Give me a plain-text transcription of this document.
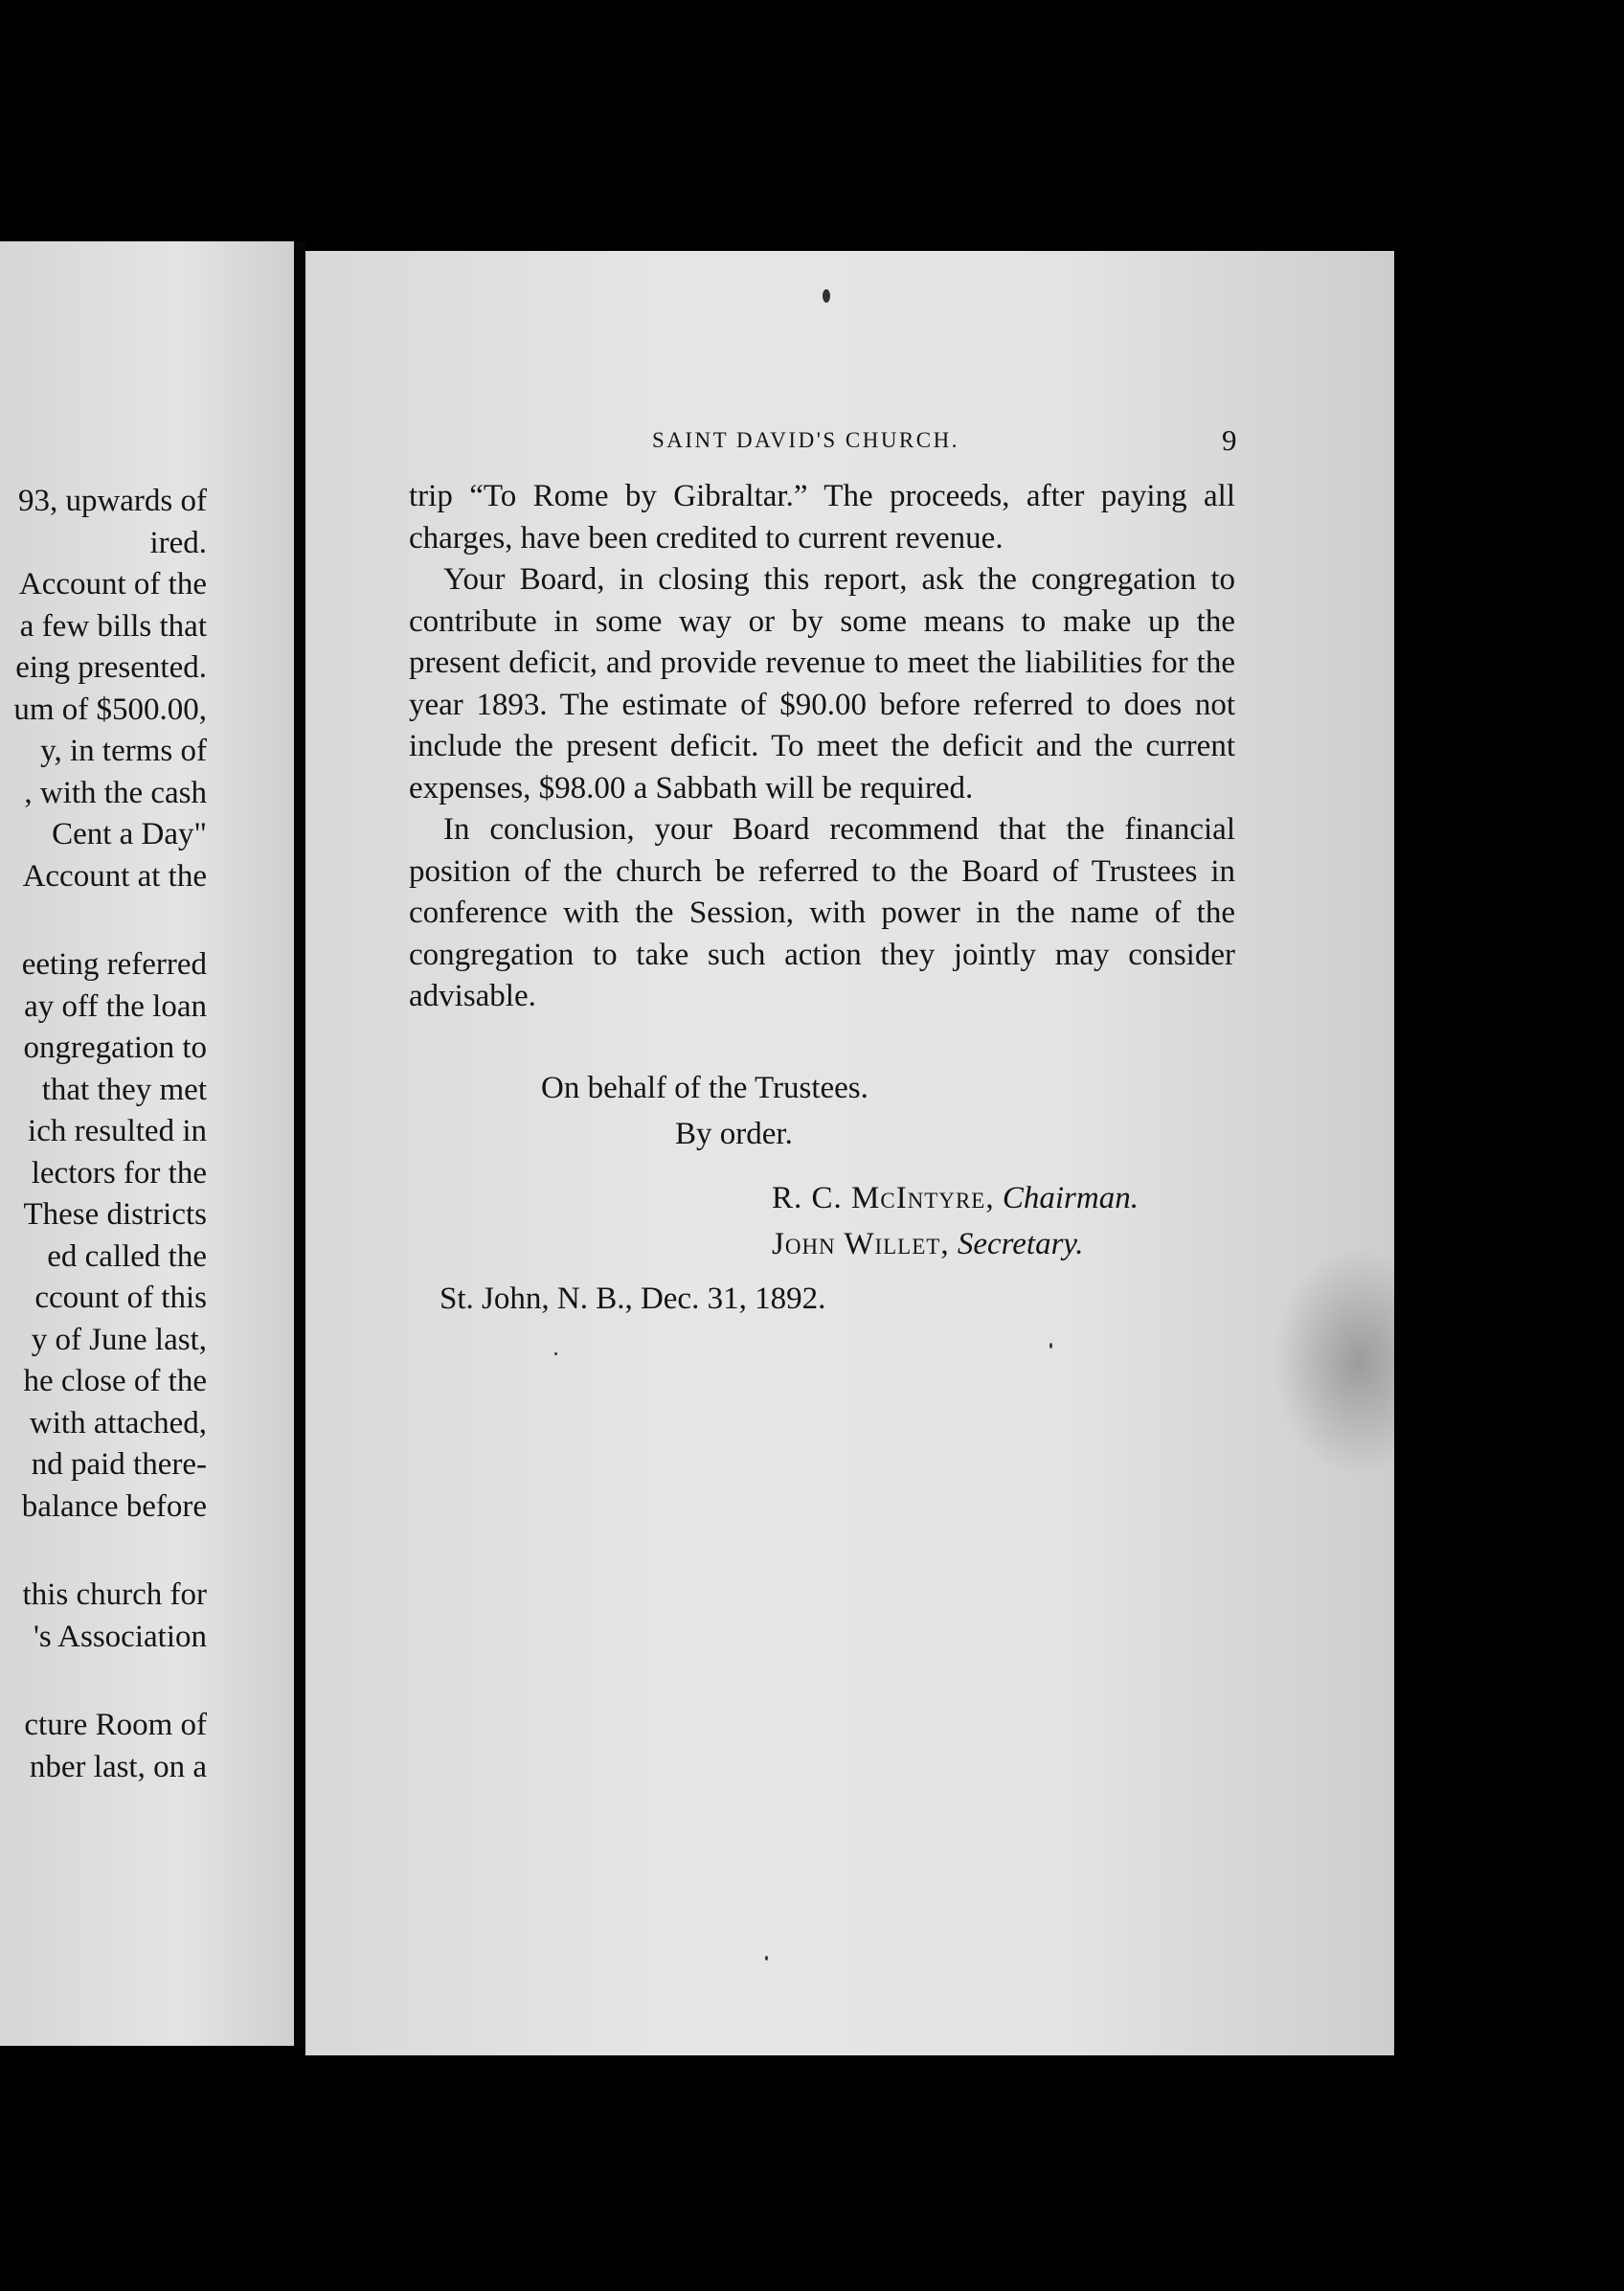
93, upwards of
ired.
Account of the
a few bills that
eing presented.
um of $500.00,
y, in terms of
, with the cash
Cent a Day"
Account at the
eeting referred
ay off the loan
ongregation to
that they met
ich resulted in
lectors for the
These districts
ed called the
ccount of this
y of June last,
he close of the
with attached,
nd paid there-
balance before
this church for
's Association
cture Room of
nber last, on a
SAINT DAVID'S CHURCH.	9

trip “To Rome by Gibraltar.” The proceeds, after paying all charges, have been credited to current revenue.

Your Board, in closing this report, ask the congregation to contribute in some way or by some means to make up the present deficit, and provide revenue to meet the liabilities for the year 1893. The estimate of $90.00 before referred to does not include the present deficit. To meet the deficit and the current expenses, $98.00 a Sabbath will be required.

In conclusion, your Board recommend that the financial position of the church be referred to the Board of Trustees in conference with the Session, with power in the name of the congregation to take such action they jointly may consider advisable.

On behalf of the Trustees.
By order.
R. C. McIntyre, Chairman.
John Willet, Secretary.
St. John, N. B., Dec. 31, 1892.
